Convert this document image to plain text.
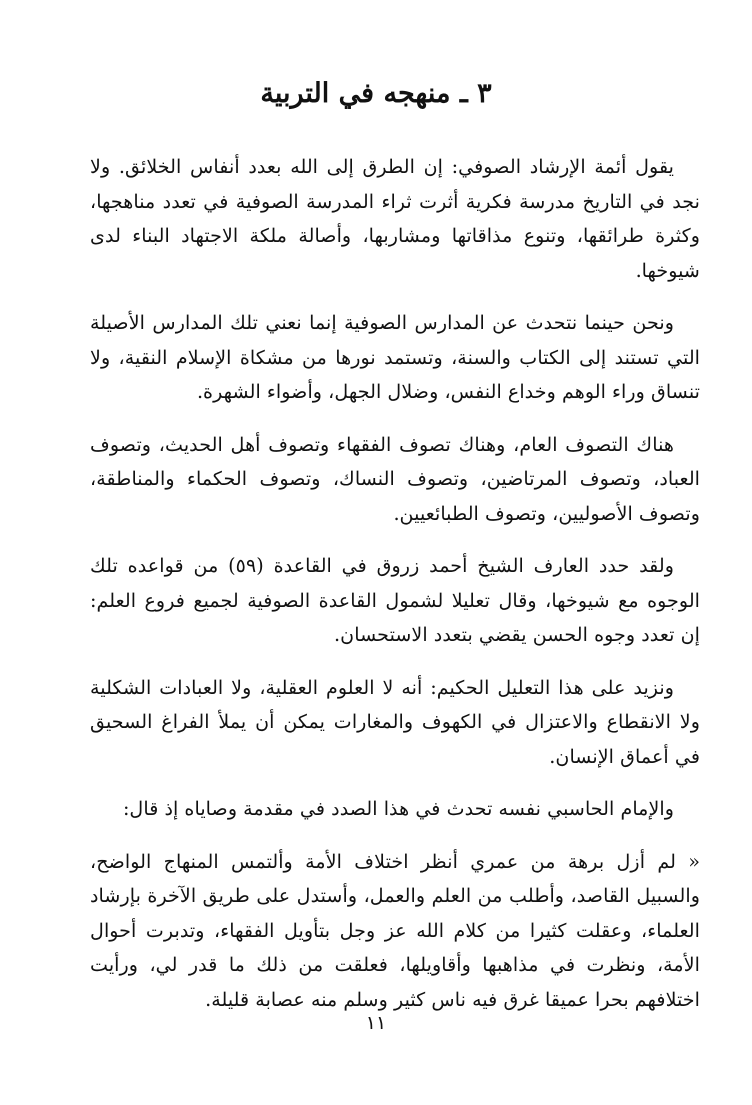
٣ ـ منهجه في التربية

يقول أئمة الإرشاد الصوفي: إن الطرق إلى الله بعدد أنفاس الخلائق. ولا نجد في التاريخ مدرسة فكرية أثرت ثراء المدرسة الصوفية في تعدد مناهجها، وكثرة طرائقها، وتنوع مذاقاتها ومشاربها، وأصالة ملكة الاجتهاد البناء لدى شيوخها.

ونحن حينما نتحدث عن المدارس الصوفية إنما نعني تلك المدارس الأصيلة التي تستند إلى الكتاب والسنة، وتستمد نورها من مشكاة الإسلام النقية، ولا تنساق وراء الوهم وخداع النفس، وضلال الجهل، وأضواء الشهرة.

هناك التصوف العام، وهناك تصوف الفقهاء وتصوف أهل الحديث، وتصوف العباد، وتصوف المرتاضين، وتصوف النساك، وتصوف الحكماء والمناطقة، وتصوف الأصوليين، وتصوف الطبائعيين.

ولقد حدد العارف الشيخ أحمد زروق في القاعدة (٥٩) من قواعده تلك الوجوه مع شيوخها، وقال تعليلا لشمول القاعدة الصوفية لجميع فروع العلم: إن تعدد وجوه الحسن يقضي بتعدد الاستحسان.

ونزيد على هذا التعليل الحكيم: أنه لا العلوم العقلية، ولا العبادات الشكلية ولا الانقطاع والاعتزال في الكهوف والمغارات يمكن أن يملأ الفراغ السحيق في أعماق الإنسان.

والإمام الحاسبي نفسه تحدث في هذا الصدد في مقدمة وصاياه إذ قال:

« لم أزل برهة من عمري أنظر اختلاف الأمة وألتمس المنهاج الواضح، والسبيل القاصد، وأطلب من العلم والعمل، وأستدل على طريق الآخرة بإرشاد العلماء، وعقلت كثيرا من كلام الله عز وجل بتأويل الفقهاء، وتدبرت أحوال الأمة، ونظرت في مذاهبها وأقاويلها، فعلقت من ذلك ما قدر لي، ورأيت اختلافهم بحرا عميقا غرق فيه ناس كثير وسلم منه عصابة قليلة.

١١
